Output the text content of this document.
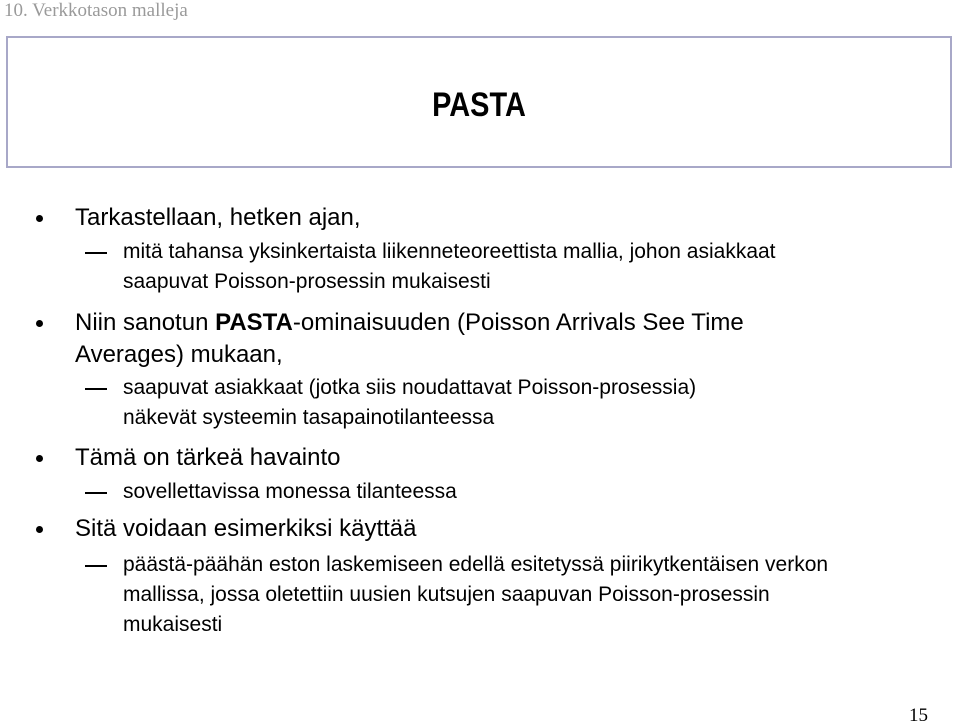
10. Verkkotason malleja
PASTA
Tarkastellaan, hetken ajan,
mitä tahansa yksinkertaista liikenneteoreettista mallia, johon asiakkaat
saapuvat Poisson-prosessin mukaisesti
Niin sanotun PASTA-ominaisuuden (Poisson Arrivals See Time
Averages) mukaan,
saapuvat asiakkaat (jotka siis noudattavat Poisson-prosessia)
näkevät systeemin tasapainotilanteessa
Tämä on tärkeä havainto
sovellettavissa monessa tilanteessa
Sitä voidaan esimerkiksi käyttää
päästä-päähän eston laskemiseen edellä esitetyssä piirikytkentäisen verkon
mallissa, jossa oletettiin uusien kutsujen saapuvan Poisson-prosessin
mukaisesti
15
